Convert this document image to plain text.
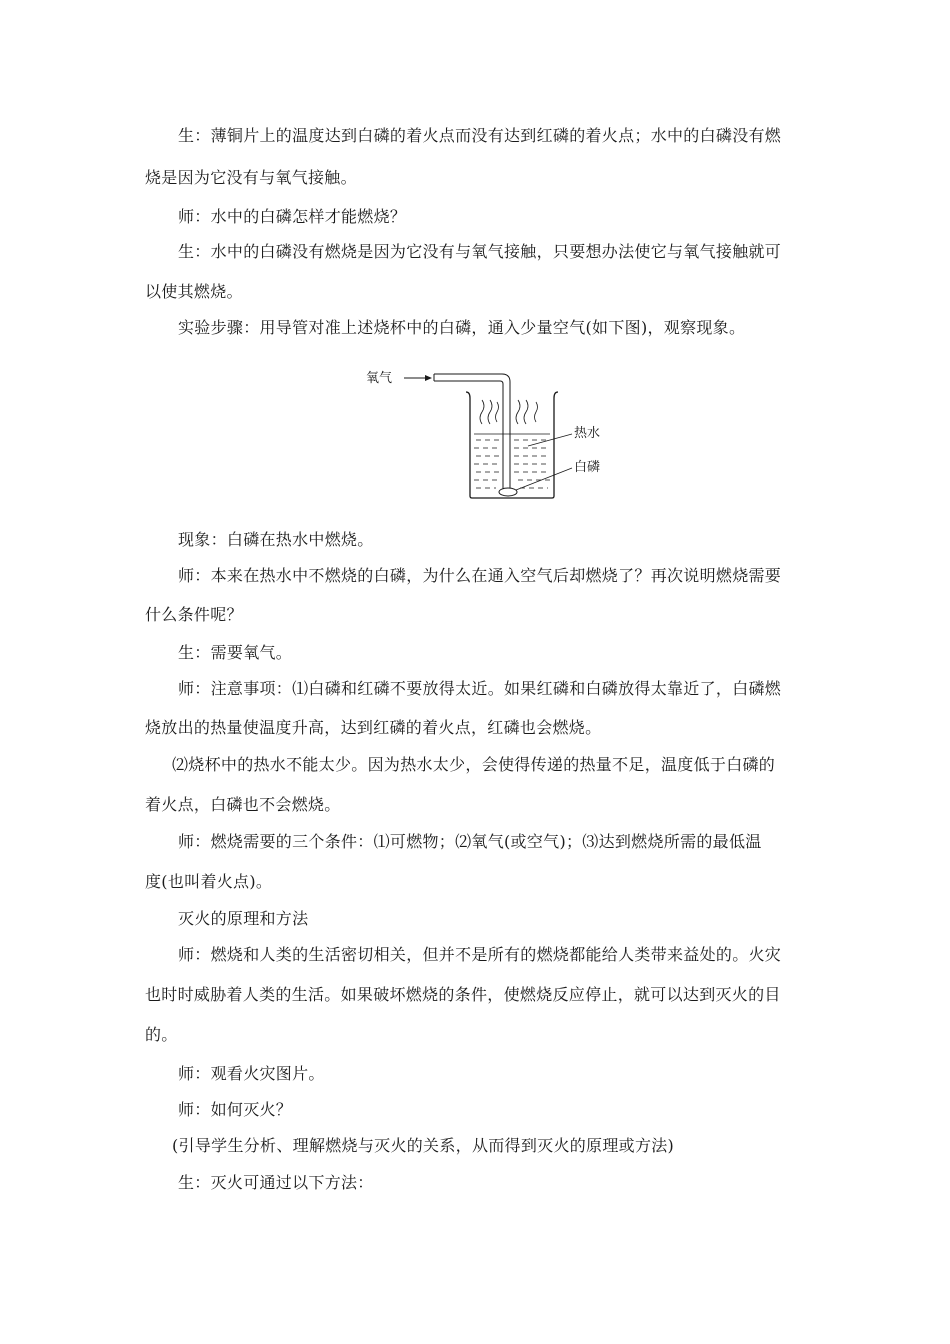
生：薄铜片上的温度达到白磷的着火点而没有达到红磷的着火点；水中的白磷没有燃
烧是因为它没有与氧气接触。
师：水中的白磷怎样才能燃烧？
生：水中的白磷没有燃烧是因为它没有与氧气接触，只要想办法使它与氧气接触就可
以使其燃烧。
实验步骤：用导管对准上述烧杯中的白磷，通入少量空气(如下图)，观察现象。
氧气
热水
白磷
现象：白磷在热水中燃烧。
师：本来在热水中不燃烧的白磷，为什么在通入空气后却燃烧了？再次说明燃烧需要
什么条件呢？
生：需要氧气。
师：注意事项：⑴白磷和红磷不要放得太近。如果红磷和白磷放得太靠近了，白磷燃
烧放出的热量使温度升高，达到红磷的着火点，红磷也会燃烧。
⑵烧杯中的热水不能太少。因为热水太少，会使得传递的热量不足，温度低于白磷的
着火点，白磷也不会燃烧。
师：燃烧需要的三个条件：⑴可燃物；⑵氧气(或空气)；⑶达到燃烧所需的最低温
度(也叫着火点)。
灭火的原理和方法
师：燃烧和人类的生活密切相关，但并不是所有的燃烧都能给人类带来益处的。火灾
也时时威胁着人类的生活。如果破坏燃烧的条件，使燃烧反应停止，就可以达到灭火的目
的。
师：观看火灾图片。
师：如何灭火？
(引导学生分析、理解燃烧与灭火的关系，从而得到灭火的原理或方法)
生：灭火可通过以下方法：
